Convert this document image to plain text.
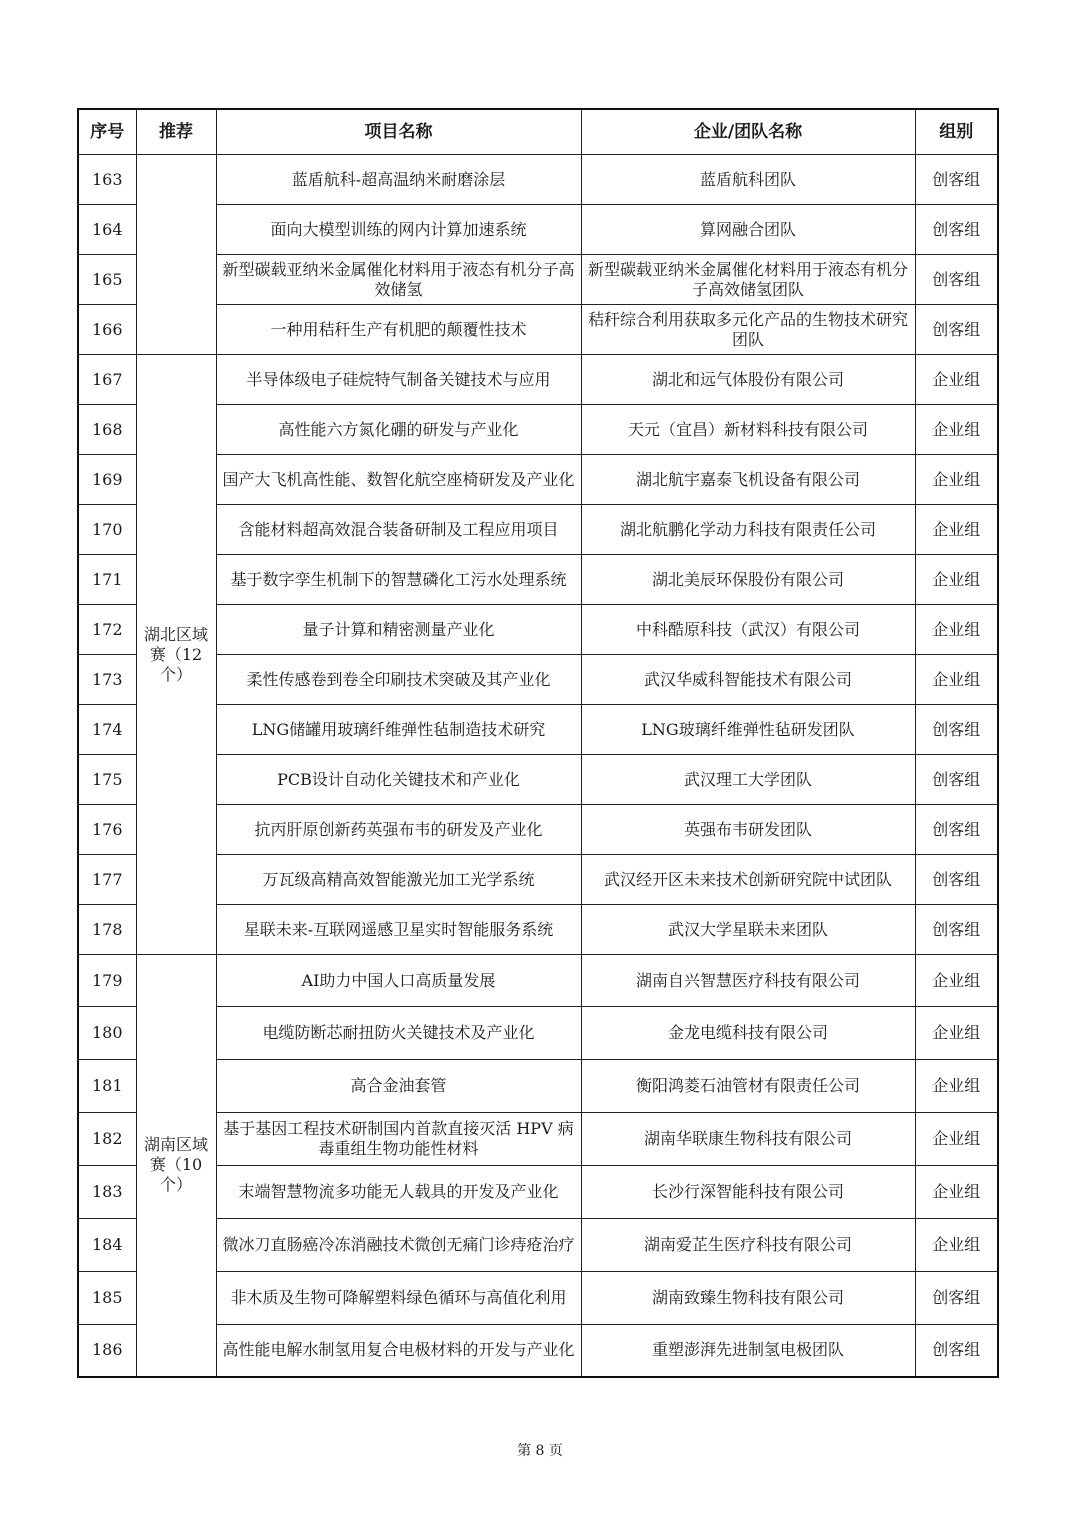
序号	推荐	项目名称	企业/团队名称	组别
163		蓝盾航科-超高温纳米耐磨涂层	蓝盾航科团队	创客组
164		面向大模型训练的网内计算加速系统	算网融合团队	创客组
165		新型碳载亚纳米金属催化材料用于液态有机分子高效储氢	新型碳载亚纳米金属催化材料用于液态有机分子高效储氢团队	创客组
166		一种用秸秆生产有机肥的颠覆性技术	秸秆综合利用获取多元化产品的生物技术研究团队	创客组
167	湖北区域赛（12个）	半导体级电子硅烷特气制备关键技术与应用	湖北和远气体股份有限公司	企业组
168		高性能六方氮化硼的研发与产业化	天元（宜昌）新材料科技有限公司	企业组
169		国产大飞机高性能、数智化航空座椅研发及产业化	湖北航宇嘉泰飞机设备有限公司	企业组
170		含能材料超高效混合装备研制及工程应用项目	湖北航鹏化学动力科技有限责任公司	企业组
171		基于数字孪生机制下的智慧磷化工污水处理系统	湖北美辰环保股份有限公司	企业组
172		量子计算和精密测量产业化	中科酷原科技（武汉）有限公司	企业组
173		柔性传感卷到卷全印刷技术突破及其产业化	武汉华威科智能技术有限公司	企业组
174		LNG储罐用玻璃纤维弹性毡制造技术研究	LNG玻璃纤维弹性毡研发团队	创客组
175		PCB设计自动化关键技术和产业化	武汉理工大学团队	创客组
176		抗丙肝原创新药英强布韦的研发及产业化	英强布韦研发团队	创客组
177		万瓦级高精高效智能激光加工光学系统	武汉经开区未来技术创新研究院中试团队	创客组
178		星联未来-互联网遥感卫星实时智能服务系统	武汉大学星联未来团队	创客组
179	湖南区域赛（10个）	AI助力中国人口高质量发展	湖南自兴智慧医疗科技有限公司	企业组
180		电缆防断芯耐扭防火关键技术及产业化	金龙电缆科技有限公司	企业组
181		高合金油套管	衡阳鸿菱石油管材有限责任公司	企业组
182		基于基因工程技术研制国内首款直接灭活 HPV 病毒重组生物功能性材料	湖南华联康生物科技有限公司	企业组
183		末端智慧物流多功能无人载具的开发及产业化	长沙行深智能科技有限公司	企业组
184		微冰刀直肠癌冷冻消融技术微创无痛门诊痔疮治疗	湖南爱芷生医疗科技有限公司	企业组
185		非木质及生物可降解塑料绿色循环与高值化利用	湖南致臻生物科技有限公司	创客组
186		高性能电解水制氢用复合电极材料的开发与产业化	重塑澎湃先进制氢电极团队	创客组
第 8 页
